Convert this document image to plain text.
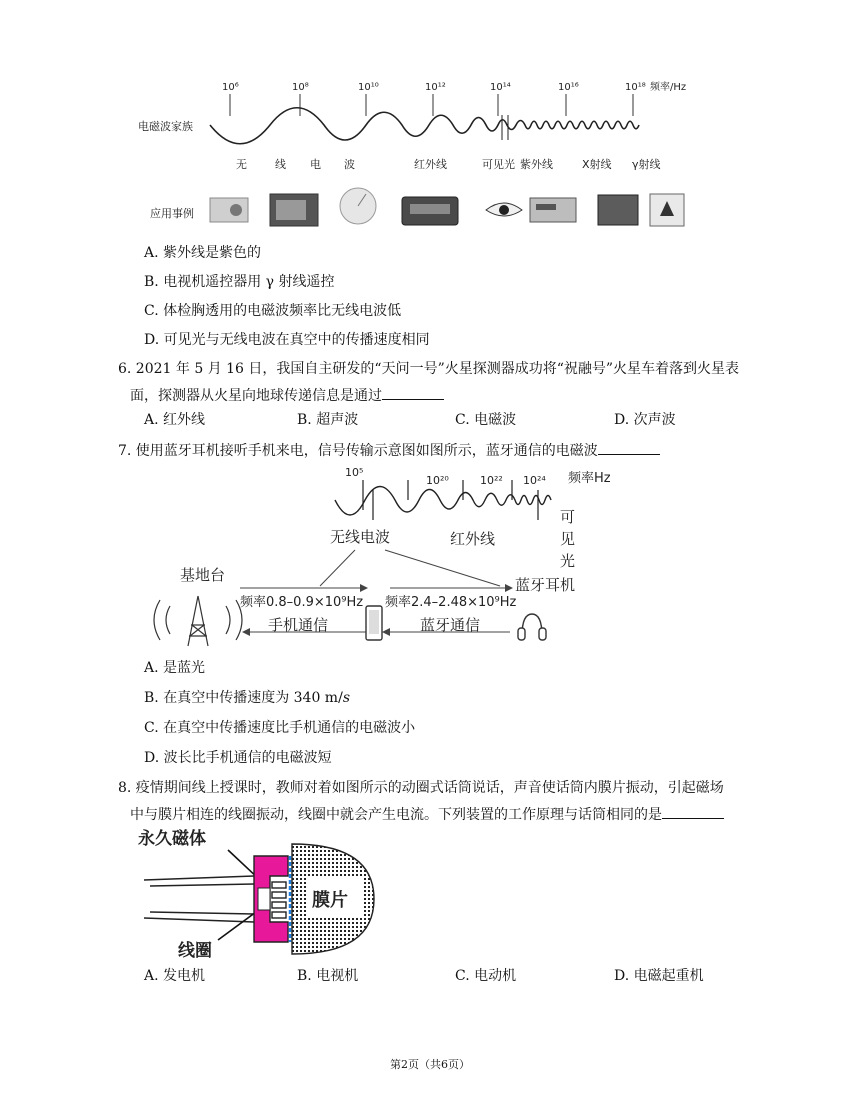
电磁波家族
10⁶	10⁸	10¹⁰	10¹²	10¹⁴	10¹⁶	10¹⁸ 频率/Hz
无	线 电 波	红外线	可见光 紫外线	X射线 γ射线
应用事例
A. 紫外线是紫色的
B. 电视机遥控器用 γ 射线遥控
C. 体检胸透用的电磁波频率比无线电波低
D. 可见光与无线电波在真空中的传播速度相同
6. 2021 年 5 月 16 日，我国自主研发的“天问一号”火星探测器成功将“祝融号”火星车着落到火星表
面，探测器从火星向地球传递信息是通过
A. 红外线	B. 超声波	C. 电磁波	D. 次声波
7. 使用蓝牙耳机接听手机来电，信号传输示意图如图所示，蓝牙通信的电磁波
10⁵
10²⁰	10²² 10²⁴ 频率Hz
无线电波	红外线
可
见
光
基地台
蓝牙耳机
手机通信	蓝牙通信
频率0.8–0.9×10⁹Hz 频率2.4–2.48×10⁹Hz
A. 是蓝光
B. 在真空中传播速度为 340 m/s
C. 在真空中传播速度比手机通信的电磁波小
D. 波长比手机通信的电磁波短
8. 疫情期间线上授课时，教师对着如图所示的动圈式话筒说话，声音使话筒内膜片振动，引起磁场
中与膜片相连的线圈振动，线圈中就会产生电流。下列装置的工作原理与话筒相同的是
永久磁体
线圈
膜片
A. 发电机	B. 电视机	C. 电动机	D. 电磁起重机
第2页（共6页）
